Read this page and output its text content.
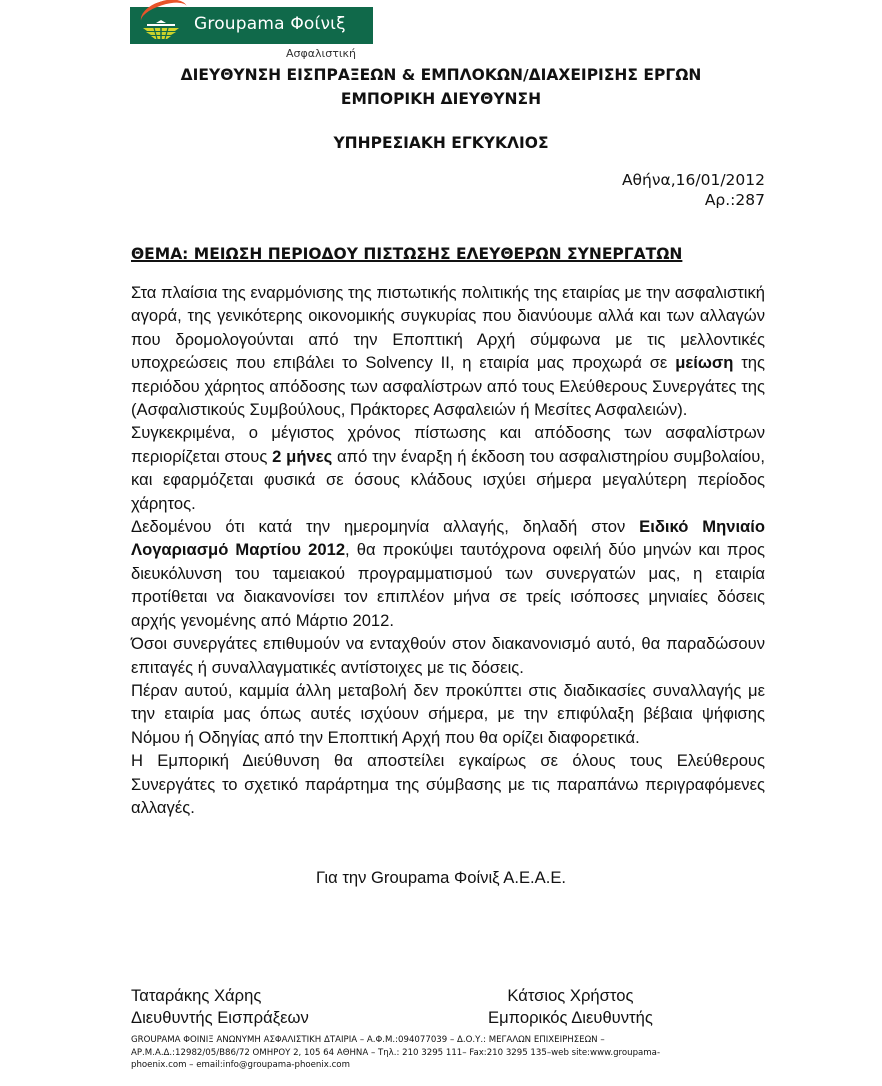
Groupama Φοίνιξ
Ασφαλιστική
ΔΙΕΥΘΥΝΣΗ ΕΙΣΠΡΑΞΕΩΝ & ΕΜΠΛΟΚΩΝ/ΔΙΑΧΕΙΡΙΣΗΣ ΕΡΓΩΝ
ΕΜΠΟΡΙΚΗ ΔΙΕΥΘΥΝΣΗ
ΥΠΗΡΕΣΙΑΚΗ ΕΓΚΥΚΛΙΟΣ
Αθήνα,16/01/2012
Αρ.:287
ΘΕΜΑ: ΜΕΙΩΣΗ ΠΕΡΙΟΔΟΥ ΠΙΣΤΩΣΗΣ ΕΛΕΥΘΕΡΩΝ ΣΥΝΕΡΓΑΤΩΝ

Στα πλαίσια της εναρμόνισης της πιστωτικής πολιτικής της εταιρίας με την ασφαλιστική αγορά, της γενικότερης οικονομικής συγκυρίας που διανύουμε αλλά και των αλλαγών που δρομολογούνται από την Εποπτική Αρχή σύμφωνα με τις μελλοντικές υποχρεώσεις που επιβάλει το Solvency II, η εταιρία μας προχωρά σε μείωση της περιόδου χάρητος απόδοσης των ασφαλίστρων από τους Ελεύθερους Συνεργάτες της (Ασφαλιστικούς Συμβούλους, Πράκτορες Ασφαλειών ή Μεσίτες Ασφαλειών).

Συγκεκριμένα, ο μέγιστος χρόνος πίστωσης και απόδοσης των ασφαλίστρων περιορίζεται στους 2 μήνες από την έναρξη ή έκδοση του ασφαλιστηρίου συμβολαίου, και εφαρμόζεται φυσικά σε όσους κλάδους ισχύει σήμερα μεγαλύτερη περίοδος χάρητος.

Δεδομένου ότι κατά την ημερομηνία αλλαγής, δηλαδή στον Ειδικό Μηνιαίο Λογαριασμό Μαρτίου 2012, θα προκύψει ταυτόχρονα οφειλή δύο μηνών και προς διευκόλυνση του ταμειακού προγραμματισμού των συνεργατών μας, η εταιρία προτίθεται να διακανονίσει τον επιπλέον μήνα σε τρείς ισόποσες μηνιαίες δόσεις αρχής γενομένης από Μάρτιο 2012.

Όσοι συνεργάτες επιθυμούν να ενταχθούν στον διακανονισμό αυτό, θα παραδώσουν επιταγές ή συναλλαγματικές αντίστοιχες με τις δόσεις.

Πέραν αυτού, καμμία άλλη μεταβολή δεν προκύπτει στις διαδικασίες συναλλαγής με την εταιρία μας όπως αυτές ισχύουν σήμερα, με την επιφύλαξη βέβαια ψήφισης Νόμου ή Οδηγίας από την Εποπτική Αρχή που θα ορίζει διαφορετικά.

Η Εμπορική Διεύθυνση θα αποστείλει εγκαίρως σε όλους τους Ελεύθερους Συνεργάτες το σχετικό παράρτημα της σύμβασης με τις παραπάνω περιγραφόμενες αλλαγές.

Για την Groupama Φοίνιξ Α.Ε.Α.Ε.
Ταταράκης Χάρης
Διευθυντής Εισπράξεων
Κάτσιος Χρήστος
Εμπορικός Διευθυντής
GROUPAMA ΦΟΙΝΙΞ ΑΝΩΝΥΜΗ ΑΣΦΑΛΙΣΤΙΚΗ ΔΤΑΙΡΙΑ – Α.Φ.Μ.:094077039 – Δ.Ο.Υ.: ΜΕΓΑΛΩΝ ΕΠΙΧΕΙΡΗΣΕΩΝ –
ΑΡ.Μ.Α.Δ.:12982/05/Β86/72 ΟΜΗΡΟΥ 2, 105 64 ΑΘΗΝΑ – Τηλ.: 210 3295 111– Fax:210 3295 135–web site:www.groupama-
phoenix.com – email:info@groupama-phoenix.com
